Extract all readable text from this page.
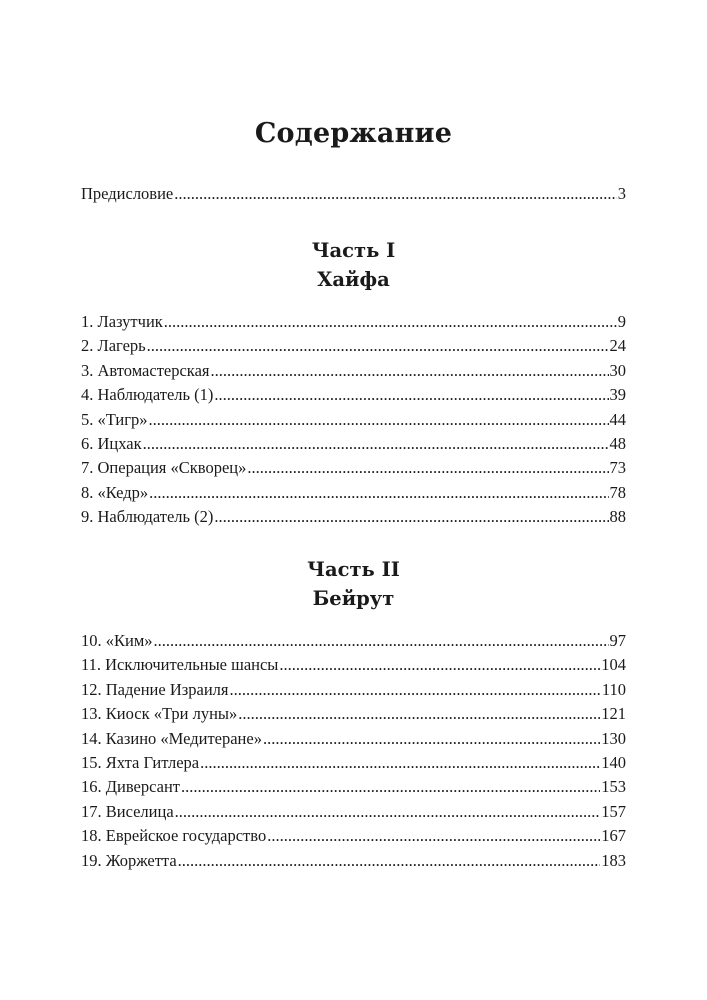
Содержание
Предисловие .....	3
Часть I
Хайфа
1. Лазутчик .....	9
2. Лагерь .....	24
3. Автомастерская .....	30
4. Наблюдатель (1) .....	39
5. «Тигр» .....	44
6. Ицхак .....	48
7. Операция «Скворец» .....	73
8. «Кедр» .....	78
9. Наблюдатель (2) .....	88
Часть II
Бейрут
10. «Ким» .....	97
11. Исключительные шансы .....	104
12. Падение Израиля .....	110
13. Киоск «Три луны» .....	121
14. Казино «Медитеране» .....	130
15. Яхта Гитлера .....	140
16. Диверсант .....	153
17. Виселица .....	157
18. Еврейское государство .....	167
19. Жоржетта .....	183
